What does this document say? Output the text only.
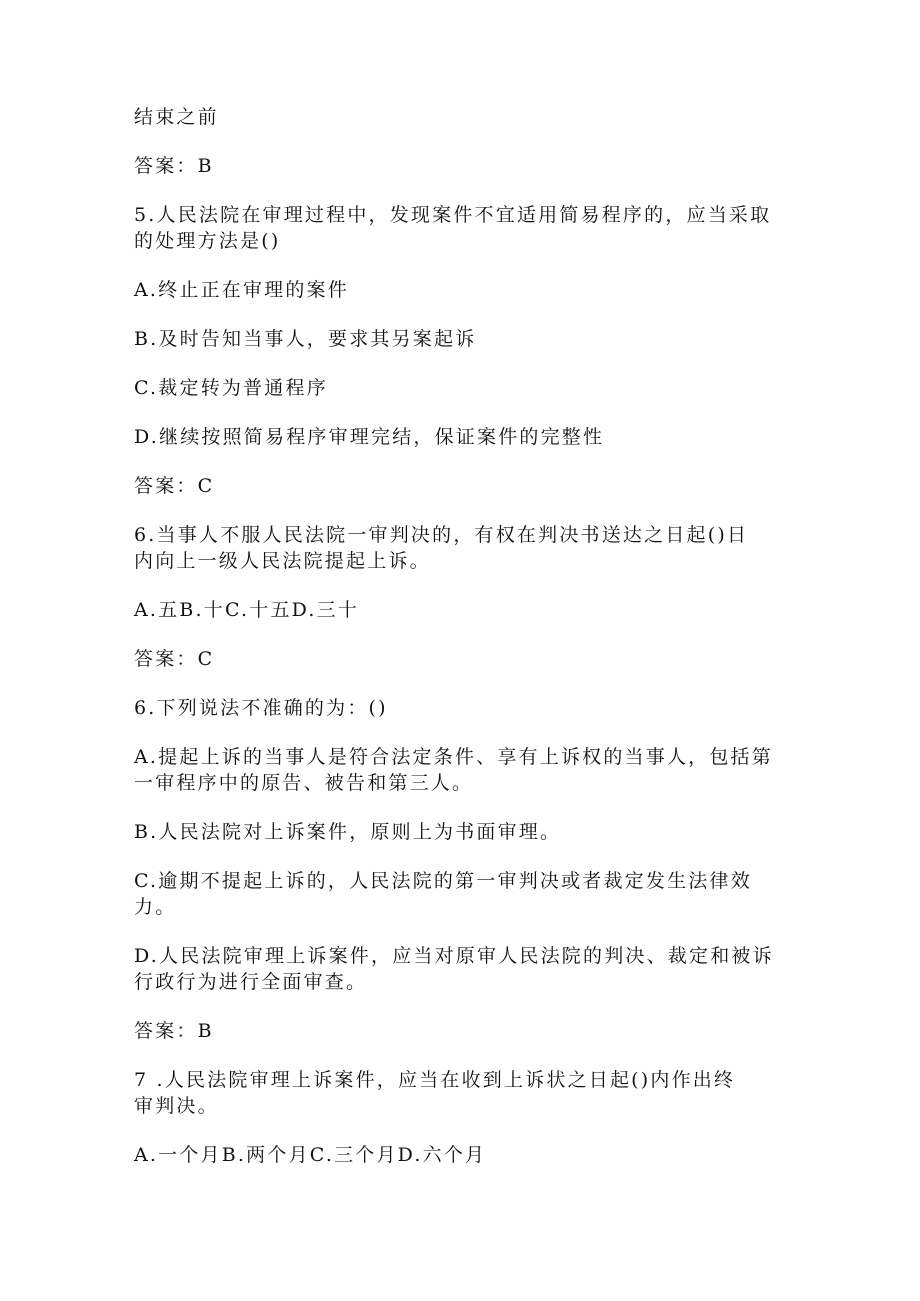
结束之前

答案：B

5.人民法院在审理过程中，发现案件不宜适用简易程序的，应当采取

的处理方法是()

A.终止正在审理的案件

B.及时告知当事人，要求其另案起诉

C.裁定转为普通程序

D.继续按照简易程序审理完结，保证案件的完整性

答案：C

6.当事人不服人民法院一审判决的，有权在判决书送达之日起()日

内向上一级人民法院提起上诉。

A.五B.十C.十五D.三十

答案：C

6.下列说法不准确的为：()

A.提起上诉的当事人是符合法定条件、享有上诉权的当事人，包括第

一审程序中的原告、被告和第三人。

B.人民法院对上诉案件，原则上为书面审理。

C.逾期不提起上诉的，人民法院的第一审判决或者裁定发生法律效

力。

D.人民法院审理上诉案件，应当对原审人民法院的判决、裁定和被诉

行政行为进行全面审查。

答案：B

7 .人民法院审理上诉案件，应当在收到上诉状之日起()内作出终

审判决。

A.一个月B.两个月C.三个月D.六个月
